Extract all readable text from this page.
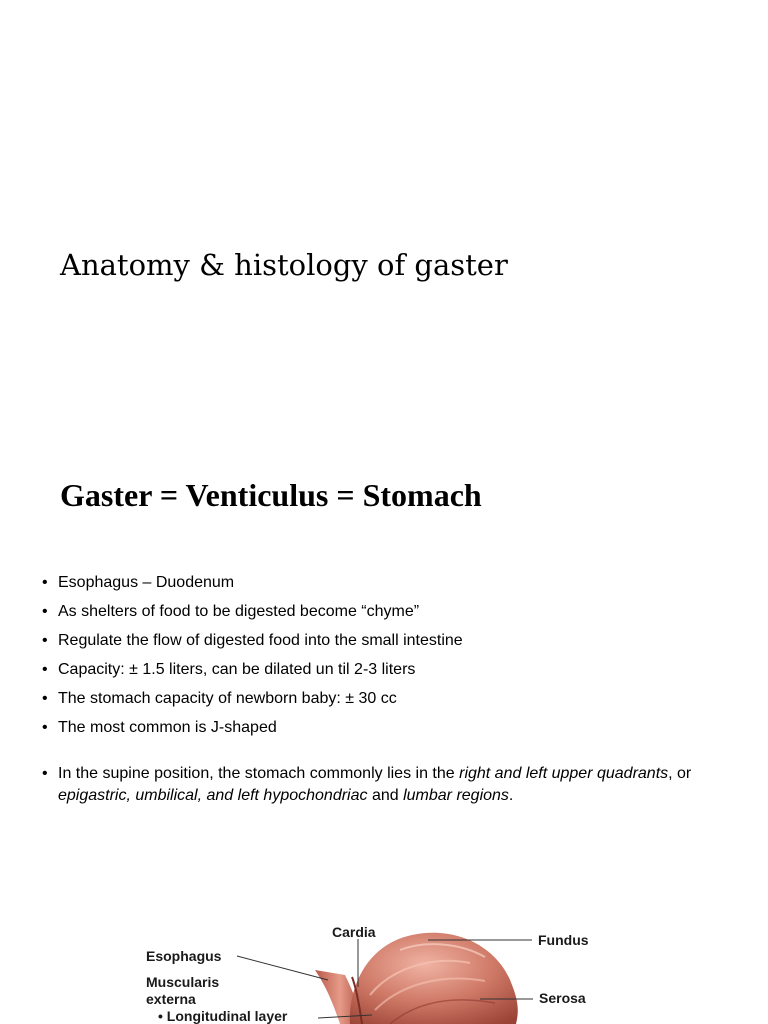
Anatomy & histology of gaster
Gaster = Venticulus = Stomach
• Esophagus – Duodenum
• As shelters of food to be digested become “chyme”
• Regulate the flow of digested food into the small intestine
• Capacity: ± 1.5 liters, can be dilated un til 2-3 liters
• The stomach capacity of newborn baby: ± 30 cc
• The most common is J-shaped
• In the supine position, the stomach commonly lies in the right and left upper quadrants, or epigastric, umbilical, and left hypochondriac and lumbar regions.
Cardia
Esophagus
Fundus
Muscularis
externa	Serosa
• Longitudinal layer
